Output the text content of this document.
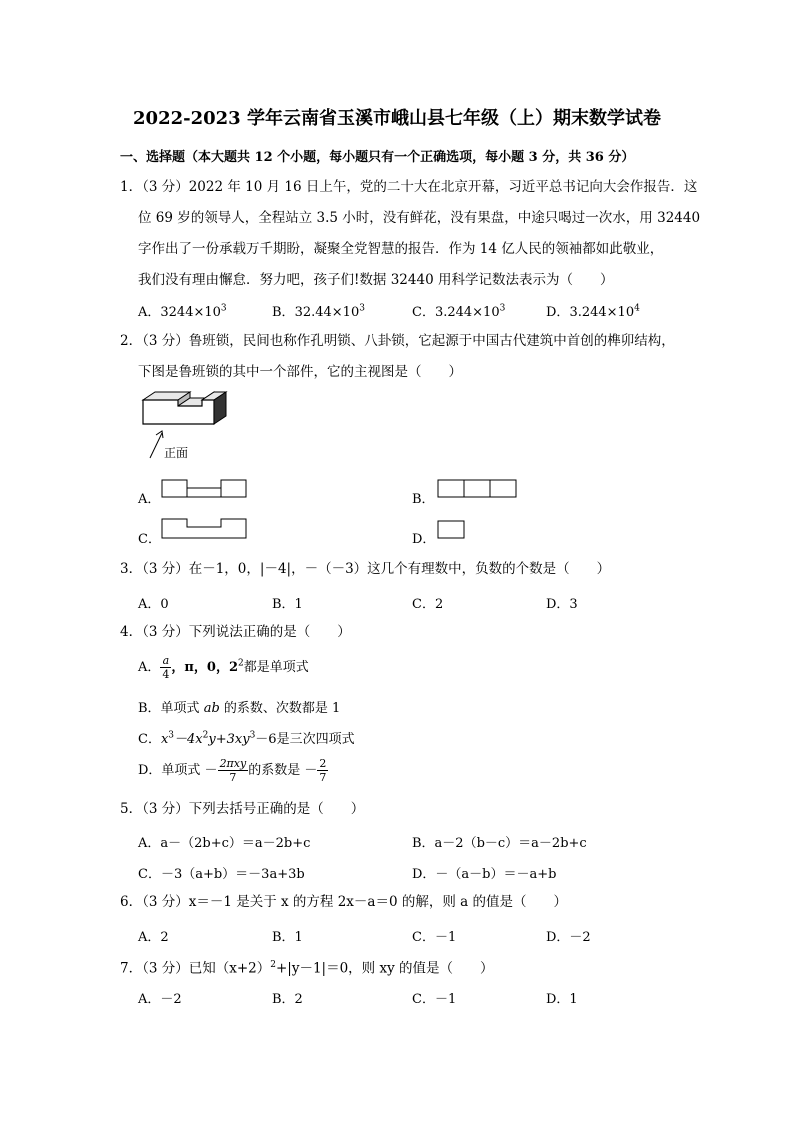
2022-2023 学年云南省玉溪市峨山县七年级（上）期末数学试卷
一、选择题（本大题共 12 个小题，每小题只有一个正确选项，每小题 3 分，共 36 分）
1．（3 分）2022 年 10 月 16 日上午，党的二十大在北京开幕，习近平总书记向大会作报告．这
位 69 岁的领导人，全程站立 3.5 小时，没有鲜花，没有果盘，中途只喝过一次水，用 32440
字作出了一份承载万千期盼，凝聚全党智慧的报告．作为 14 亿人民的领袖都如此敬业，
我们没有理由懈怠．努力吧，孩子们!数据 32440 用科学记数法表示为（　　）
A．$3244\times 10^3$	B．$32.44\times 10^3$	C．$3.244\times 10^3$	D．$3.244\times 10^4$
2．（3 分）鲁班锁，民间也称作孔明锁、八卦锁，它起源于中国古代建筑中首创的榫卯结构，
下图是鲁班锁的其中一个部件，它的主视图是（　　）
正面
A．	B．
C．	D．
3．（3 分）在－1，0，|－4|，－（－3）这几个有理数中，负数的个数是（　　）
A．0	B．1	C．2	D．3
4．（3 分）下列说法正确的是（　　）
A． $\frac{a}{4}$ ，π，0，$2^2$都是单项式
B．单项式 ab 的系数、次数都是 1
C．$x^3-4x^2y+3xy^3-6$是三次四项式
D．单项式 － $\frac{\text{2πxy}}{7}$ 的系数是 － $\frac{2}{7}$
5．（3 分）下列去括号正确的是（　　）
A．a－（2b+c）＝a－2b+c	B．a－2（b－c）＝a－2b+c
C．－3（a+b）＝－3a+3b	D．－（a－b）＝－a+b
6．（3 分）x＝－1 是关于 x 的方程 2x－a＝0 的解，则 a 的值是（　　）
A．2	B．1	C．－1	D．－2
7．（3 分）已知$(x+2)^2+|y-1|=0$，则 xy 的值是（　　）
A．－2	B．2	C．－1	D．1
